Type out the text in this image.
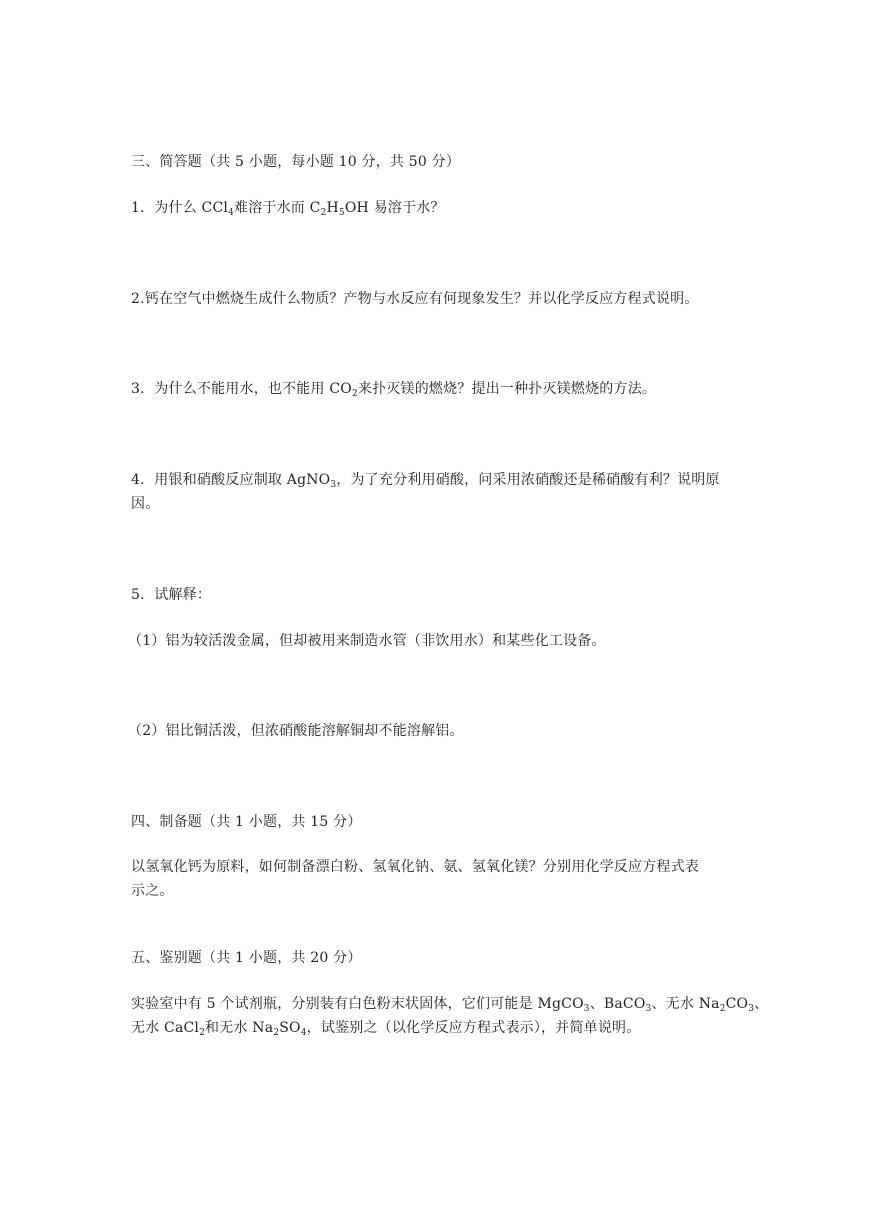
三、简答题（共 5 小题，每小题 10 分，共 50 分）
1．为什么 CCl$_4$难溶于水而 $C_2H_5OH$ 易溶于水？
2.钙在空气中燃烧生成什么物质？产物与水反应有何现象发生？并以化学反应方程式说明。
3．为什么不能用水，也不能用 $CO_2$来扑灭镁的燃烧？提出一种扑灭镁燃烧的方法。
4．用银和硝酸反应制取 AgNO$_3$，为了充分利用硝酸，问采用浓硝酸还是稀硝酸有利？说明原
因。
5．试解释：
（1）铝为较活泼金属，但却被用来制造水管（非饮用水）和某些化工设备。
（2）铝比铜活泼，但浓硝酸能溶解铜却不能溶解铝。
四、制备题（共 1 小题，共 15 分）
以氢氧化钙为原料，如何制备漂白粉、氢氧化钠、氨、氢氧化镁？分别用化学反应方程式表
示之。
五、鉴别题（共 1 小题，共 20 分）
实验室中有 5 个试剂瓶，分别装有白色粉末状固体，它们可能是 MgCO$_3$、BaCO$_3$、无水 $Na_2CO_3$、
无水 CaCl$_2$和无水 $Na_2SO_4$，试鉴别之（以化学反应方程式表示），并简单说明。
